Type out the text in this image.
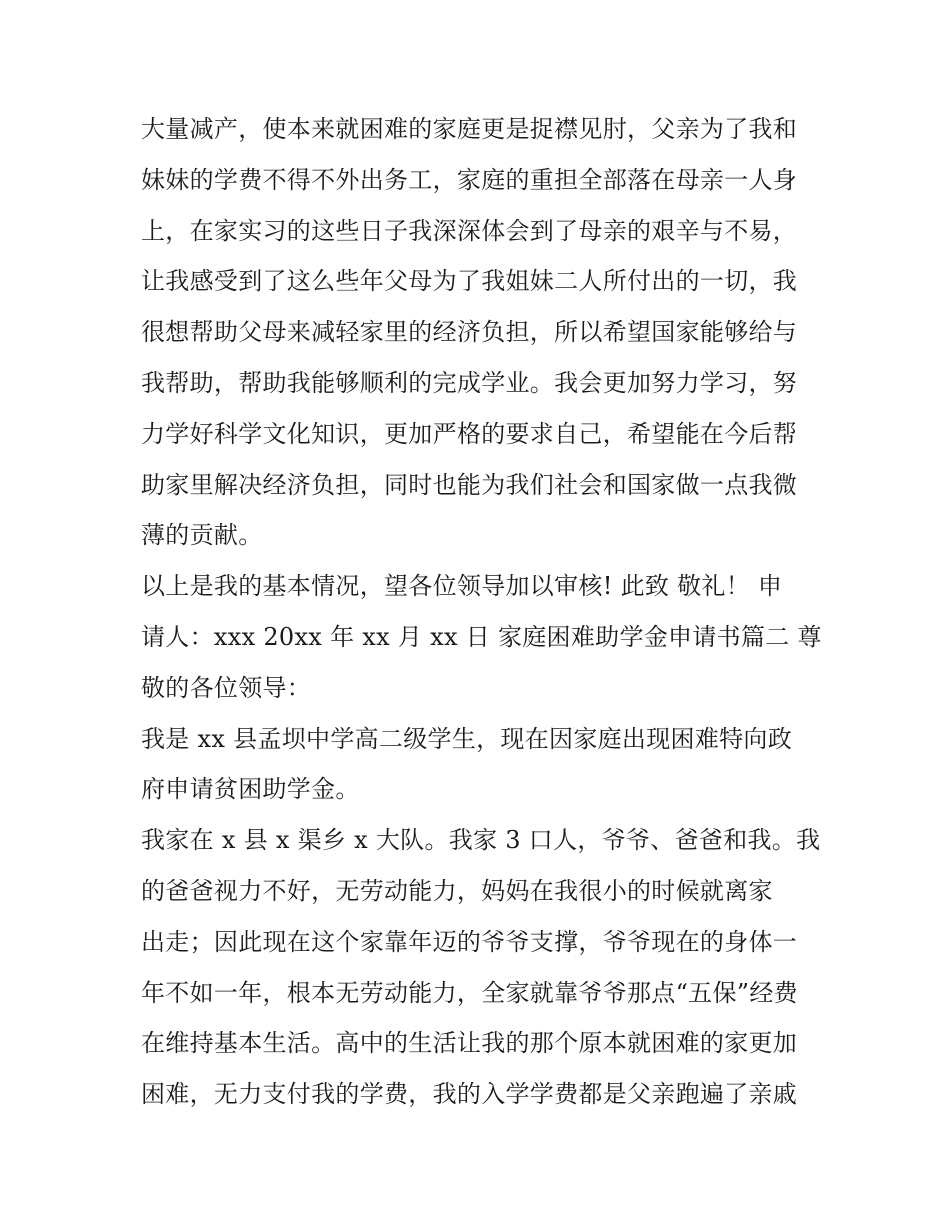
大量减产，使本来就困难的家庭更是捉襟见肘，父亲为了我和
妹妹的学费不得不外出务工，家庭的重担全部落在母亲一人身
上，在家实习的这些日子我深深体会到了母亲的艰辛与不易，
让我感受到了这么些年父母为了我姐妹二人所付出的一切，我
很想帮助父母来减轻家里的经济负担，所以希望国家能够给与
我帮助，帮助我能够顺利的完成学业。我会更加努力学习，努
力学好科学文化知识，更加严格的要求自己，希望能在今后帮
助家里解决经济负担，同时也能为我们社会和国家做一点我微
薄的贡献。
以上是我的基本情况，望各位领导加以审核! 此致 敬礼！ 申
请人：xxx 20xx 年 xx 月 xx 日 家庭困难助学金申请书篇二 尊
敬的各位领导：
我是 xx 县孟坝中学高二级学生，现在因家庭出现困难特向政
府申请贫困助学金。
我家在 x 县 x 渠乡 x 大队。我家 3 口人，爷爷、爸爸和我。我
的爸爸视力不好，无劳动能力，妈妈在我很小的时候就离家
出走；因此现在这个家靠年迈的爷爷支撑，爷爷现在的身体一
年不如一年，根本无劳动能力，全家就靠爷爷那点“五保”经费
在维持基本生活。高中的生活让我的那个原本就困难的家更加
困难，无力支付我的学费，我的入学学费都是父亲跑遍了亲戚
